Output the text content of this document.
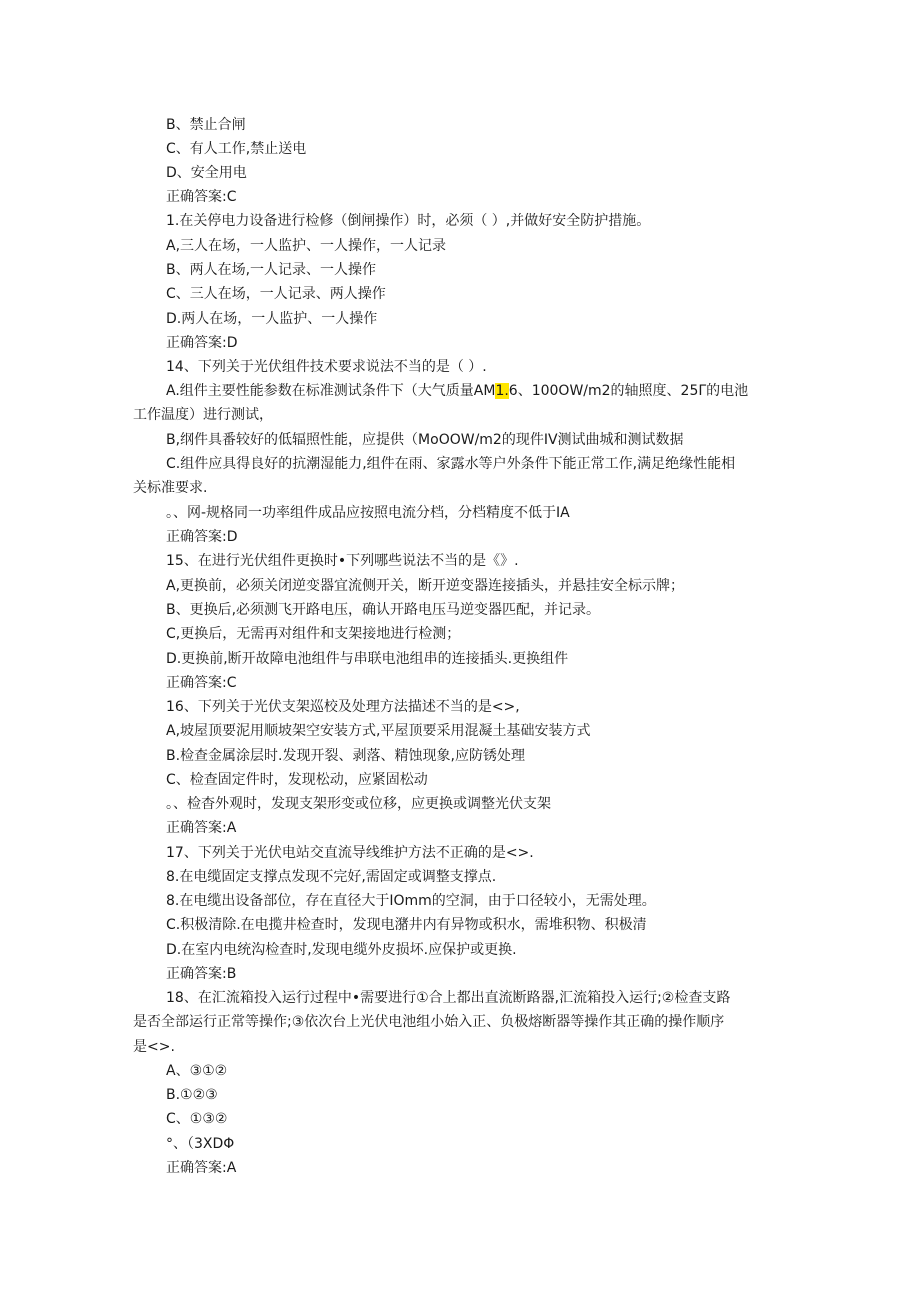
B、禁止合闸
C、有人工作,禁止送电
D、安全用电
正确答案:C
1.在关停电力设备进行检修（倒闸操作）时，必须（ ）,并做好安全防护措施。
A,三人在场，一人监护、一人操作，一人记录
B、两人在场,一人记录、一人操作
C、三人在场，一人记录、两人操作
D.两人在场，一人监护、一人操作
正确答案:D
14、下列关于光伏组件技术要求说法不当的是（ ）.
A.组件主要性能参数在标准测试条件下（大气质量AM1.6、100OW/m2的轴照度、25Γ的电池
工作温度）进行测试，
B,纲件具番较好的低辐照性能，应提供（MoOOW/m2的现件IV测试曲城和测试数据
C.组件应具得良好的抗潮湿能力,组件在雨、家露水等户外条件下能正常工作,满足绝缘性能相
关标准要求.
。、网-规格同一功率组件成品应按照电流分档，分档精度不低于IA
正确答案:D
15、在进行光伏组件更换时•下列哪些说法不当的是《》.
A,更换前，必须关闭逆变器宜流侧开关，断开逆变器连接插头，并悬挂安全标示牌；
B、更换后,必须测飞开路电压，确认开路电压马逆变器匹配，并记录。
C,更换后，无需再对组件和支架接地进行检测；
D.更换前,断开故障电池组件与串联电池组串的连接插头.更换组件
正确答案:C
16、下列关于光伏支架巡校及处理方法描述不当的是<>,
A,坡屋顶要泥用顺坡架空安装方式,平屋顶要采用混凝土基础安装方式
B.检查金属涂层时.发现开裂、剥落、精蚀现象,应防锈处理
C、检查固定件时，发现松动，应紧固松动
。、检杳外观时，发现支架形变或位移，应更换或调整光伏支架
正确答案:A
17、下列关于光伏电站交直流导线维护方法不正确的是<>.
8.在电缆固定支撑点发现不完好,需固定或调整支撑点.
8.在电缆出设备部位，存在直径大于IOmm的空洞，由于口径较小，无需处理。
C.积极清除.在电揽井检查时，发现电潴井内有异物或积水，需堆积物、积极清
D.在室内电统沟检查时,发现电缆外皮损坏.应保护或更换.
正确答案:B
18、在汇流箱投入运行过程中•需要进行①合上都出直流断路器,汇流箱投入运行;②检查支路
是否全部运行正常等操作;③依次台上光伏电池组小始入正、负极熔断器等操作其正确的操作顺序
是<>.
A、③①②
B.①②③
C、①③②
°、（3XDΦ
正确答案:A
